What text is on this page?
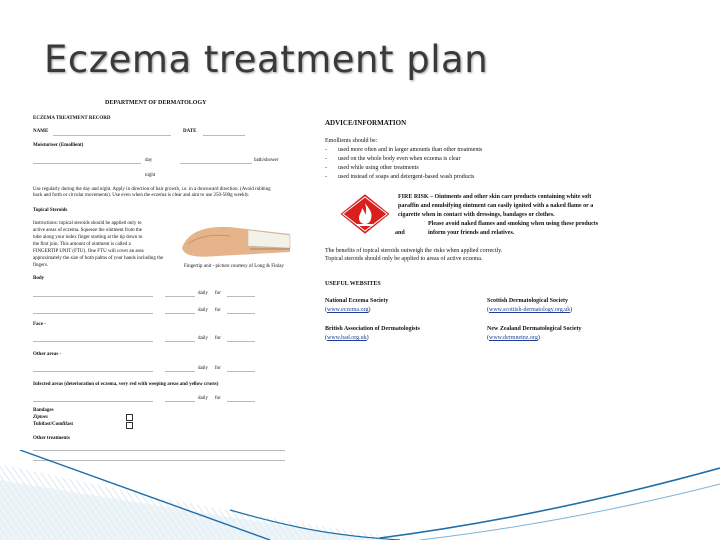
Eczema treatment plan
DEPARTMENT OF DERMATOLOGY
ECZEMA TREATMENT RECORD
NAME	DATE
Moisturiser (Emollient)
day	bath/shower
night
Use regularly during the day and night. Apply in direction of hair growth, i.e. in a downward direction. (Avoid rubbing
back and forth or circular movements). Use even when the eczema is clear and aim to use 250-500g weekly.
Topical Steroids
Instructions: topical steroids should be applied only to
active areas of eczema. Squeeze the ointment from the
tube along your index finger starting at the tip down to
the first join. This amount of ointment is called a
FINGERTIP UNIT (FTU). One FTU will cover an area
approximately the size of both palms of your hands including the
fingers.	Fingertip unit - picture courtesy of Long & Finlay
Body
daily for
daily for
Face -
daily for
Other areas -
daily for
Infected areas (deterioration of eczema, very red with weeping areas and yellow crusts)
daily for
Bandages
Ziptoes
Tubifast/Comfifast
Other treatments
ADVICE/INFORMATION
Emollients should be:
- used more often and in larger amounts than other treatments
- used on the whole body even when eczema is clear
- used while using other treatments
- used instead of soaps and detergent-based wash products
FIRE RISK – Ointments and other skin care products containing white soft
paraffin and emulsifying ointment can easily ignited with a naked flame or a
cigarette when in contact with dressings, bandages or clothes.
Please avoid naked flames and smoking when using these products
and	inform your friends and relatives.
The benefits of topical steroids outweigh the risks when applied correctly.
Topical steroids should only be applied to areas of active eczema.
USEFUL WEBSITES
National Eczema Society
(www.eczema.org)
Scottish Dermatological Society
(www.scottish-dermatology.org.uk)
British Association of Dermatologists
(www.bad.org.uk)
New Zealand Dermatological Society
(www.dermnetnz.org)
